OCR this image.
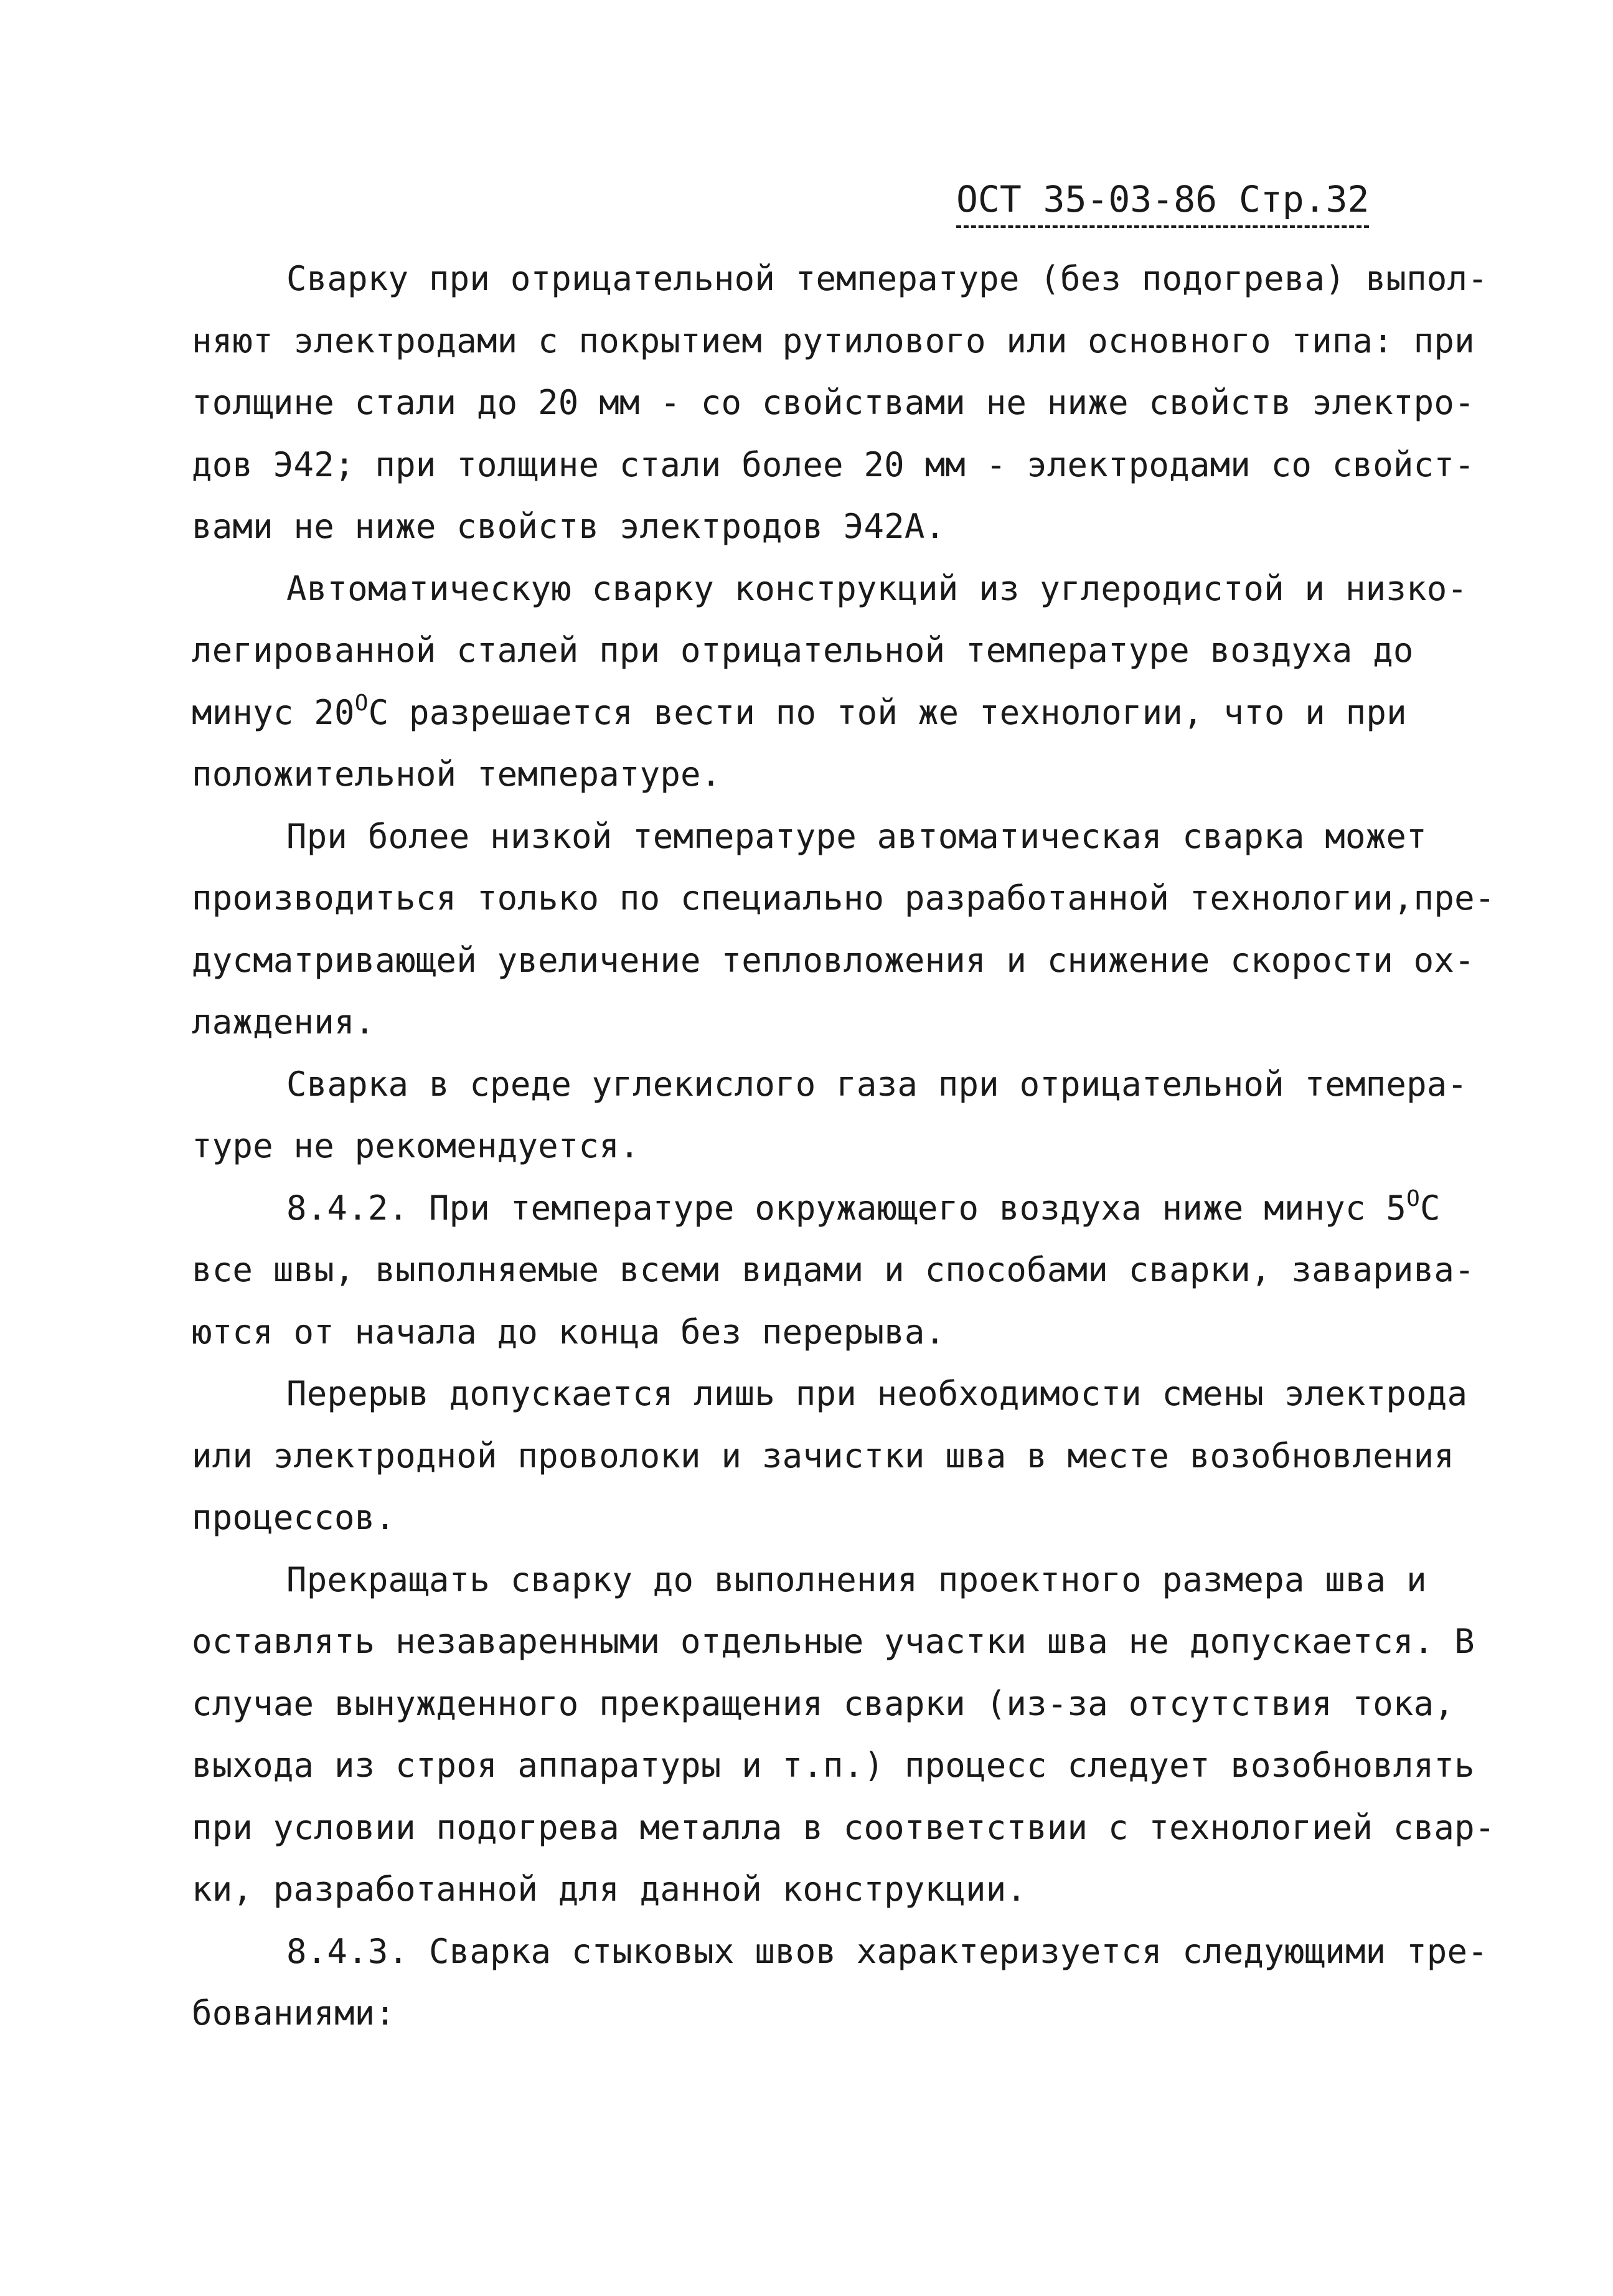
ОСТ 35-03-86 Стр.32
Сварку при отрицательной температуре (без подогрева) выпол-
няют электродами с покрытием рутилового или основного типа: при
толщине стали до 20 мм - со свойствами не ниже свойств электро-
дов Э42; при толщине стали более 20 мм - электродами со свойст-
вами не ниже свойств электродов Э42А.
Автоматическую сварку конструкций из углеродистой и низко-
легированной сталей при отрицательной температуре воздуха до
минус $20^ОС$ разрешается вести по той же технологии, что и при
положительной температуре.
При более низкой температуре автоматическая сварка может
производиться только по специально разработанной технологии,пре-
дусматривающей увеличение тепловложения и снижение скорости ох-
лаждения.
Сварка в среде углекислого газа при отрицательной темпера-
туре не рекомендуется.
8.4.2. При температуре окружающего воздуха ниже минус $5^ОС$
все швы, выполняемые всеми видами и способами сварки, заварива-
ются от начала до конца без перерыва.
Перерыв допускается лишь при необходимости смены электрода
или электродной проволоки и зачистки шва в месте возобновления
процессов.
Прекращать сварку до выполнения проектного размера шва и
оставлять незаваренными отдельные участки шва не допускается. В
случае вынужденного прекращения сварки (из-за отсутствия тока,
выхода из строя аппаратуры и т.п.) процесс следует возобновлять
при условии подогрева металла в соответствии с технологией свар-
ки, разработанной для данной конструкции.
8.4.3. Сварка стыковых швов характеризуется следующими тре-
бованиями:
